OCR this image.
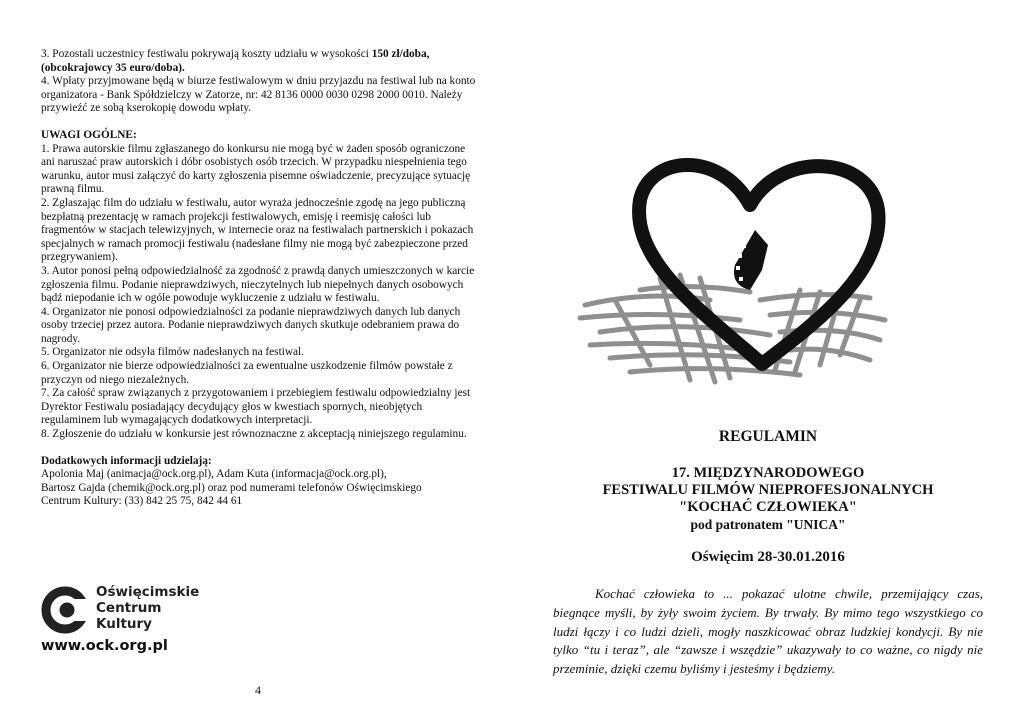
3. Pozostali uczestnicy festiwalu pokrywają koszty udziału w wysokości 150 zł/doba, (obcokrajowcy 35 euro/doba).

4. Wpłaty przyjmowane będą w biurze festiwalowym w dniu przyjazdu na festiwal lub na konto organizatora - Bank Spółdzielczy w Zatorze, nr: 42 8136 0000 0030 0298 2000 0010. Należy przywieźć ze sobą kserokopię dowodu wpłaty.

UWAGI OGÓLNE:

1. Prawa autorskie filmu zgłaszanego do konkursu nie mogą być w żaden sposób ograniczone ani naruszać praw autorskich i dóbr osobistych osób trzecich. W przypadku niespełnienia tego warunku, autor musi załączyć do karty zgłoszenia pisemne oświadczenie, precyzujące sytuację prawną filmu.

2. Zgłaszając film do udziału w festiwalu, autor wyraża jednocześnie zgodę na jego publiczną bezpłatną prezentację w ramach projekcji festiwalowych, emisję i reemisję całości lub fragmentów w stacjach telewizyjnych, w internecie oraz na festiwalach partnerskich i pokazach specjalnych w ramach promocji festiwalu (nadesłane filmy nie mogą być zabezpieczone przed przegrywaniem).

3. Autor ponosi pełną odpowiedzialność za zgodność z prawdą danych umieszczonych w karcie zgłoszenia filmu. Podanie nieprawdziwych, nieczytelnych lub niepełnych danych osobowych bądź niepodanie ich w ogóle powoduje wykluczenie z udziału w festiwalu.

4. Organizator nie ponosi odpowiedzialności za podanie nieprawdziwych danych lub danych osoby trzeciej przez autora. Podanie nieprawdziwych danych skutkuje odebraniem prawa do nagrody.

5. Organizator nie odsyła filmów nadesłanych na festiwal.

6. Organizator nie bierze odpowiedzialności za ewentualne uszkodzenie filmów powstałe z przyczyn od niego niezależnych.

7. Za całość spraw związanych z przygotowaniem i przebiegiem festiwalu odpowiedzialny jest Dyrektor Festiwalu posiadający decydujący głos w kwestiach spornych, nieobjętych regulaminem lub wymagających dodatkowych interpretacji.

8. Zgłoszenie do udziału w konkursie jest równoznaczne z akceptacją niniejszego regulaminu.

Dodatkowych informacji udzielają:

Apolonia Maj (animacja@ock.org.pl), Adam Kuta (informacja@ock.org.pl),
Bartosz Gajda (chemik@ock.org.pl) oraz pod numerami telefonów Oświęcimskiego
Centrum Kultury: (33) 842 25 75, 842 44 61
Oświęcimskie
Centrum
Kultury
www.ock.org.pl
4
REGULAMIN
17. MIĘDZYNARODOWEGO
FESTIWALU FILMÓW NIEPROFESJONALNYCH
"KOCHAĆ CZŁOWIEKA"
pod patronatem "UNICA"
Oświęcim 28-30.01.2016
Kochać człowieka to ... pokazać ulotne chwile, przemijający czas, biegnące myśli, by żyły swoim życiem. By trwały. By mimo tego wszystkiego co ludzi łączy i co ludzi dzieli, mogły naszkicować obraz ludzkiej kondycji. By nie tylko “tu i teraz”, ale “zawsze i wszędzie” ukazywały to co ważne, co nigdy nie przeminie, dzięki czemu byliśmy i jesteśmy i będziemy.
